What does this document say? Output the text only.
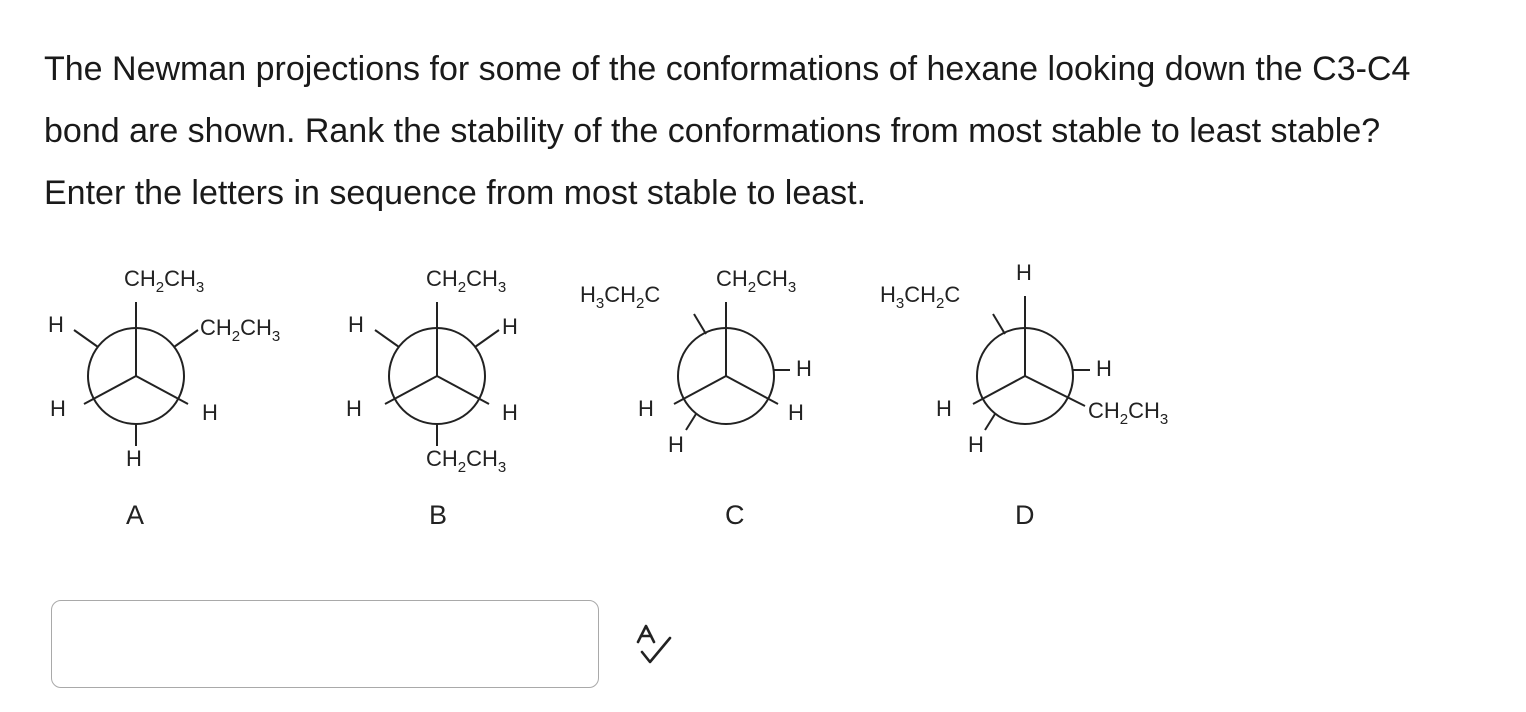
The Newman projections for some of the conformations of hexane looking down the C3-C4

bond are shown. Rank the stability of the conformations from most stable to least stable?

Enter the letters in sequence from most stable to least.

$CH_2CH_3$
H	$CH_2CH_3$
H	H
H
A
$CH_2CH_3$
H	H
H	H
$CH_2CH_3$
B
$H_3CH_2C$
$CH_2CH_3$
H
H	H
H
C
$H_3CH_2C$
H
H
H	$CH_2CH_3$
H
D
